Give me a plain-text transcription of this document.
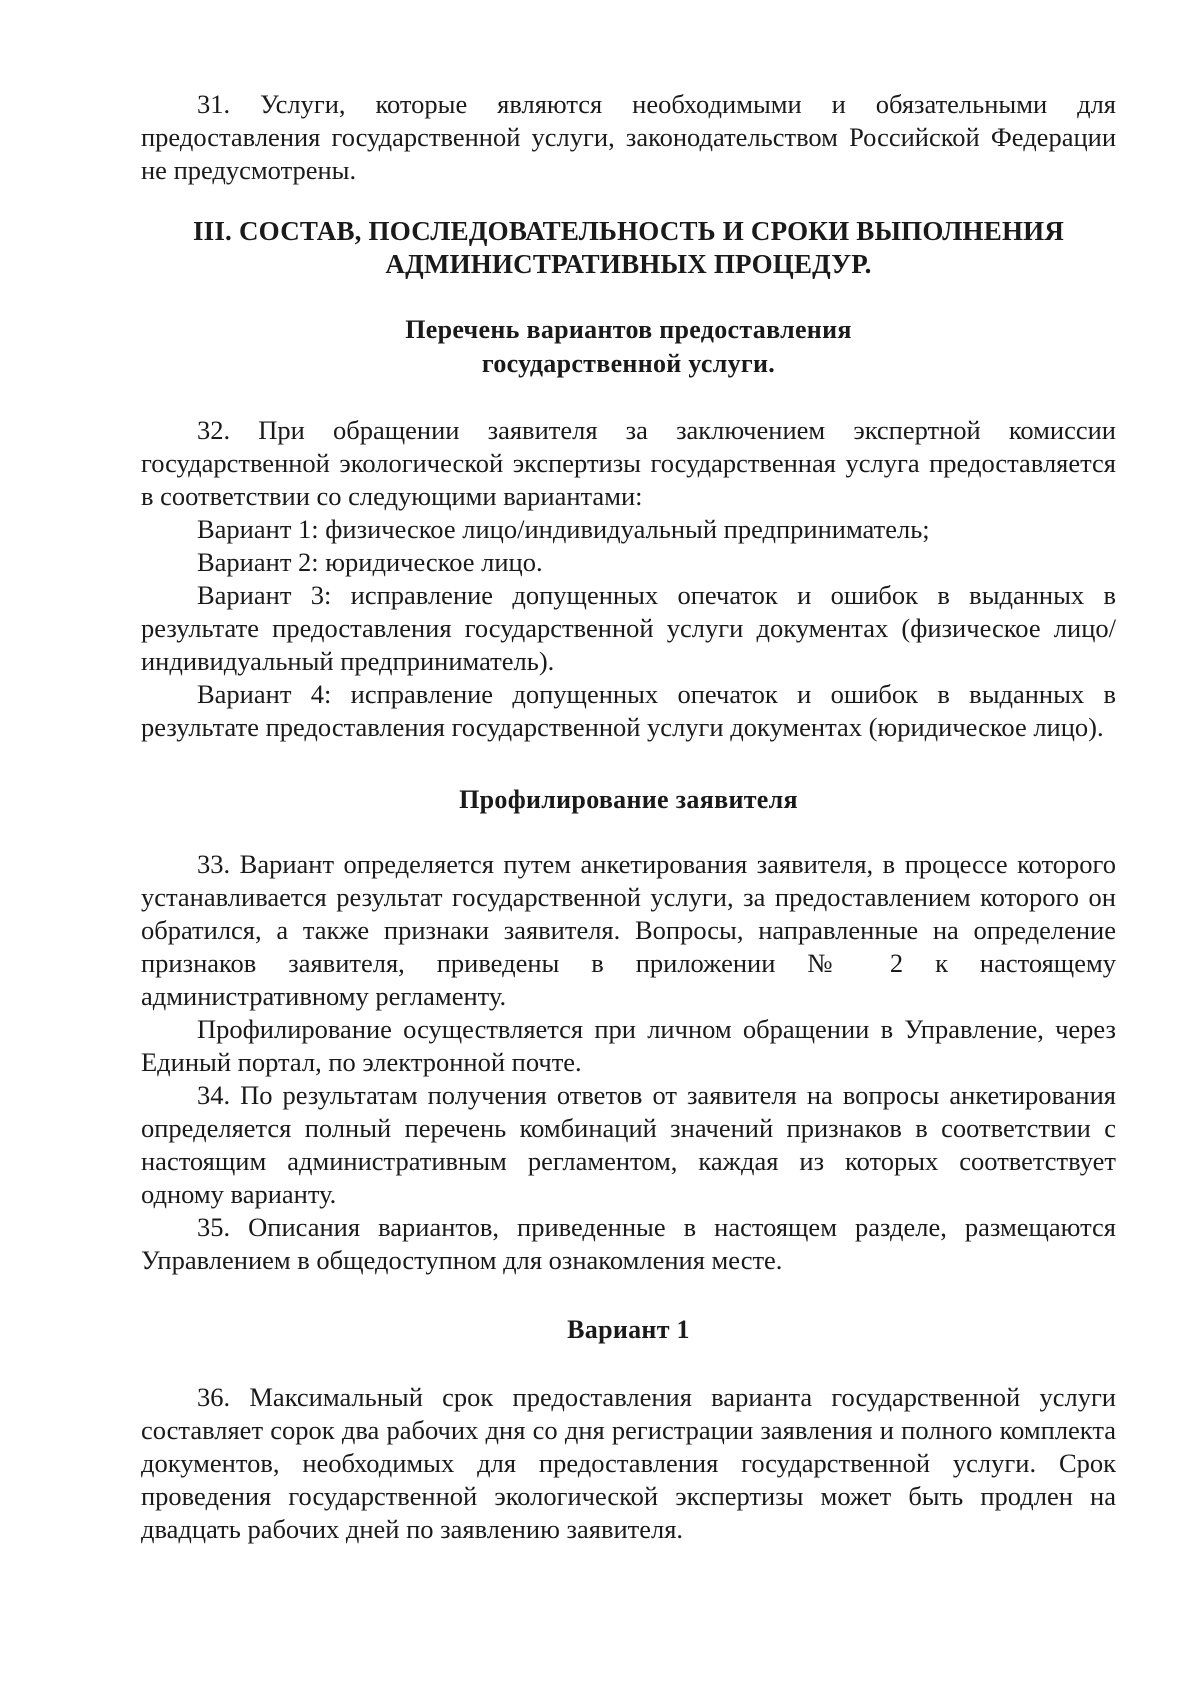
31. Услуги, которые являются необходимыми и обязательными для предоставления государственной услуги, законодательством Российской Федерации не предусмотрены.

III. СОСТАВ, ПОСЛЕДОВАТЕЛЬНОСТЬ И СРОКИ ВЫПОЛНЕНИЯ
АДМИНИСТРАТИВНЫХ ПРОЦЕДУР.
Перечень вариантов предоставления
государственной услуги.

32. При обращении заявителя за заключением экспертной комиссии государственной экологической экспертизы государственная услуга предоставляется в соответствии со следующими вариантами:

Вариант 1: физическое лицо/индивидуальный предприниматель;

Вариант 2: юридическое лицо.

Вариант 3: исправление допущенных опечаток и ошибок в выданных в результате предоставления государственной услуги документах (физическое лицо/индивидуальный предприниматель).

Вариант 4: исправление допущенных опечаток и ошибок в выданных в результате предоставления государственной услуги документах (юридическое лицо).

Профилирование заявителя

33. Вариант определяется путем анкетирования заявителя, в процессе которого устанавливается результат государственной услуги, за предоставлением которого он обратился, а также признаки заявителя. Вопросы, направленные на определение признаков заявителя, приведены в приложении № 2 к настоящему административному регламенту.

Профилирование осуществляется при личном обращении в Управление, через Единый портал, по электронной почте.

34. По результатам получения ответов от заявителя на вопросы анкетирования определяется полный перечень комбинаций значений признаков в соответствии с настоящим административным регламентом, каждая из которых соответствует одному варианту.

35. Описания вариантов, приведенные в настоящем разделе, размещаются Управлением в общедоступном для ознакомления месте.

Вариант 1

36. Максимальный срок предоставления варианта государственной услуги составляет сорок два рабочих дня со дня регистрации заявления и полного комплекта документов, необходимых для предоставления государственной услуги. Срок проведения государственной экологической экспертизы может быть продлен на двадцать рабочих дней по заявлению заявителя.
